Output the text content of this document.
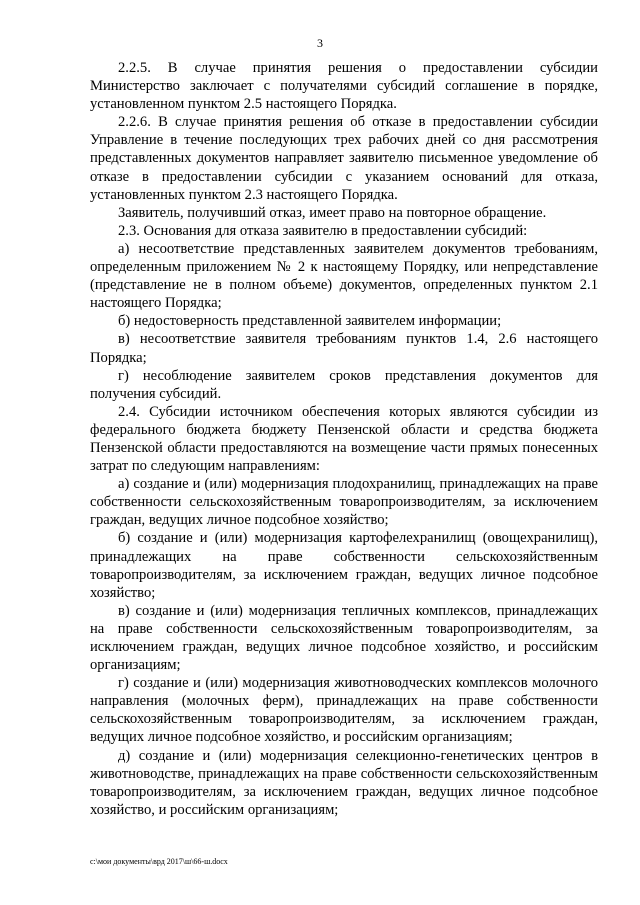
3

2.2.5. В случае принятия решения о предоставлении субсидии Министерство заключает с получателями субсидий соглашение в порядке, установленном пунктом 2.5 настоящего Порядка.

2.2.6. В случае принятия решения об отказе в предоставлении субсидии Управление в течение последующих трех рабочих дней со дня рассмотрения представленных документов направляет заявителю письменное уведомление об отказе в предоставлении субсидии с указанием оснований для отказа, установленных пунктом 2.3 настоящего Порядка.

Заявитель, получивший отказ, имеет право на повторное обращение.

2.3. Основания для отказа заявителю в предоставлении субсидий:

а) несоответствие представленных заявителем документов требованиям, определенным приложением № 2 к настоящему Порядку, или непредставление (представление не в полном объеме) документов, определенных пунктом 2.1 настоящего Порядка;

б) недостоверность представленной заявителем информации;

в) несоответствие заявителя требованиям пунктов 1.4, 2.6 настоящего Порядка;

г) несоблюдение заявителем сроков представления документов для получения субсидий.

2.4. Субсидии источником обеспечения которых являются субсидии из федерального бюджета бюджету Пензенской области и средства бюджета Пензенской области предоставляются на возмещение части прямых понесенных затрат по следующим направлениям:

а) создание и (или) модернизация плодохранилищ, принадлежащих на праве собственности сельскохозяйственным товаропроизводителям, за исключением граждан, ведущих личное подсобное хозяйство;

б) создание и (или) модернизация картофелехранилищ (овощехранилищ), принадлежащих на праве собственности сельскохозяйственным товаропроизводителям, за исключением граждан, ведущих личное подсобное хозяйство;

в) создание и (или) модернизация тепличных комплексов, принадлежащих на праве собственности сельскохозяйственным товаропроизводителям, за исключением граждан, ведущих личное подсобное хозяйство, и российским организациям;

г) создание и (или) модернизация животноводческих комплексов молочного направления (молочных ферм), принадлежащих на праве собственности сельскохозяйственным товаропроизводителям, за исключением граждан, ведущих личное подсобное хозяйство, и российским организациям;

д) создание и (или) модернизация селекционно-генетических центров в животноводстве, принадлежащих на праве собственности сельскохозяйственным товаропроизводителям, за исключением граждан, ведущих личное подсобное хозяйство, и российским организациям;

c:\мои документы\врд 2017\ш\66-ш.docx
